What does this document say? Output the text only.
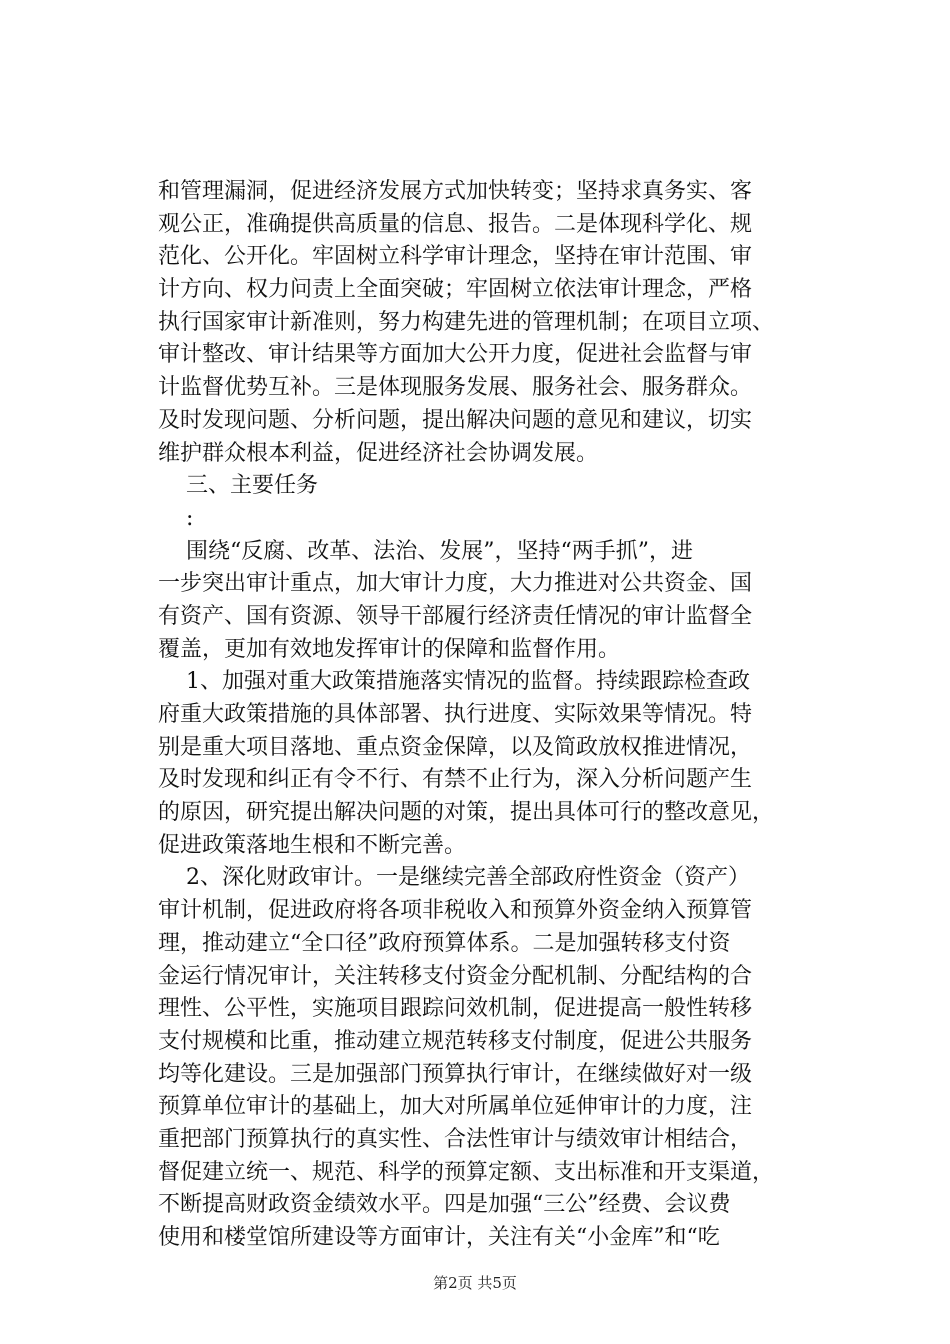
和管理漏洞，促进经济发展方式加快转变；坚持求真务实、客
观公正，准确提供高质量的信息、报告。二是体现科学化、规
范化、公开化。牢固树立科学审计理念，坚持在审计范围、审
计方向、权力问责上全面突破；牢固树立依法审计理念，严格
执行国家审计新准则，努力构建先进的管理机制；在项目立项、
审计整改、审计结果等方面加大公开力度，促进社会监督与审
计监督优势互补。三是体现服务发展、服务社会、服务群众。
及时发现问题、分析问题，提出解决问题的意见和建议，切实
维护群众根本利益，促进经济社会协调发展。
三、主要任务
:
围绕“反腐、改革、法治、发展”，坚持“两手抓”，进
一步突出审计重点，加大审计力度，大力推进对公共资金、国
有资产、国有资源、领导干部履行经济责任情况的审计监督全
覆盖，更加有效地发挥审计的保障和监督作用。
1、加强对重大政策措施落实情况的监督。持续跟踪检查政
府重大政策措施的具体部署、执行进度、实际效果等情况。特
别是重大项目落地、重点资金保障，以及简政放权推进情况，
及时发现和纠正有令不行、有禁不止行为，深入分析问题产生
的原因，研究提出解决问题的对策，提出具体可行的整改意见，
促进政策落地生根和不断完善。
2、深化财政审计。一是继续完善全部政府性资金（资产）
审计机制，促进政府将各项非税收入和预算外资金纳入预算管
理，推动建立“全口径”政府预算体系。二是加强转移支付资
金运行情况审计，关注转移支付资金分配机制、分配结构的合
理性、公平性，实施项目跟踪问效机制，促进提高一般性转移
支付规模和比重，推动建立规范转移支付制度，促进公共服务
均等化建设。三是加强部门预算执行审计，在继续做好对一级
预算单位审计的基础上，加大对所属单位延伸审计的力度，注
重把部门预算执行的真实性、合法性审计与绩效审计相结合，
督促建立统一、规范、科学的预算定额、支出标准和开支渠道，
不断提高财政资金绩效水平。四是加强“三公”经费、会议费
使用和楼堂馆所建设等方面审计，关注有关“小金库”和“吃
第2页 共5页
